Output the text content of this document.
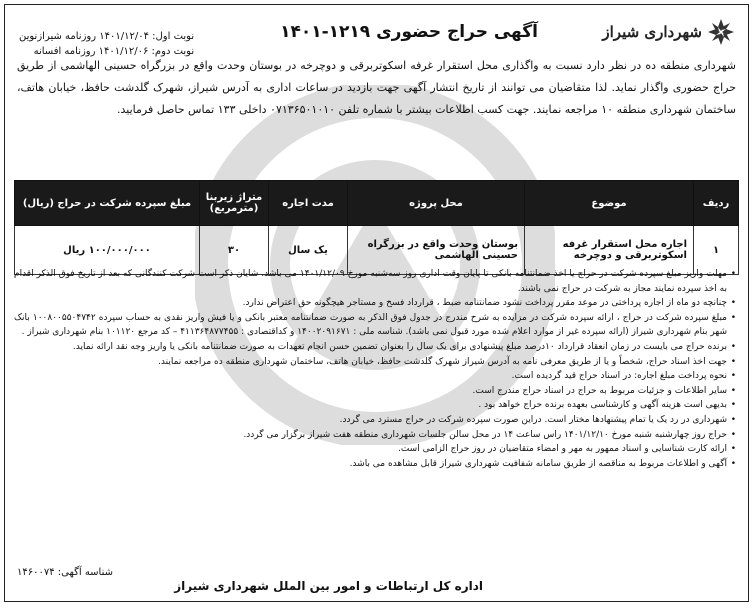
شهرداری شیراز
آگهی حراج حضوری ۱۲۱۹-۱۴۰۱
نوبت اول: ۱۴۰۱/۱۲/۰۴ روزنامه شیرازنوین
نوبت دوم: ۱۴۰۱/۱۲/۰۶ روزنامه افسانه
شهرداری منطقه ده در نظر دارد نسبت به واگذاری محل استقرار غرفه اسکوتربرقی و دوچرخه در بوستان وحدت واقع در بزرگراه حسینی الهاشمی از طریق حراج حضوری واگذار نماید. لذا متقاضیان می توانند از تاریخ انتشار آگهی جهت بازدید در ساعات اداری به آدرس شیراز، شهرک گلدشت حافظ، خیابان هاتف، ساختمان شهرداری منطقه ۱۰ مراجعه نمایند. جهت کسب اطلاعات بیشتر با شماره تلفن ۰۷۱۳۶۵۰۱۰۱۰ داخلی ۱۳۳ تماس حاصل فرمایید.
ردیف	موضوع	محل پروژه	مدت اجاره	متراژ زیربنا (مترمربع)	مبلغ سپرده شرکت در حراج (ریال)
۱	اجاره محل استقرار غرفه اسکوتربرقی و دوچرخه	بوستان وحدت واقع در بزرگراه حسینی الهاشمی	یک سال	۳۰	۱۰۰/۰۰۰/۰۰۰ ریال
• مهلت واریز مبلغ سپرده شرکت در حراج یا اخذ ضمانتنامه بانکی تا پایان وقت اداری روز سه‌شنبه مورخ ۱۴۰۱/۱۲/۰۹ می باشد. شایان ذکر است شرکت کنندگانی که بعد از تاریخ فوق الذکر اقدام به اخذ سپرده نمایند مجاز به شرکت در حراج نمی باشند.
• چنانچه دو ماه از اجاره پرداختی در موعد مقرر پرداخت نشود ضمانتنامه ضبط ، قرارداد فسخ و مستاجر هیچگونه حق اعتراض ندارد.
• مبلغ سپرده شرکت در حراج ، ارائه سپرده شرکت در مزایده به شرح مندرج در جدول فوق الذکر به صورت ضمانتنامه معتبر بانکی و یا فیش واریز نقدی به حساب سپرده ۱۰۰۸۰۰۵۵۰۴۷۴۲ بانک شهر بنام شهرداری شیراز (ارائه سپرده غیر از موارد اعلام شده مورد قبول نمی باشد). شناسه ملی : ۱۴۰۰۲۰۹۱۶۷۱ و کداقتصادی : ۴۱۱۳۶۴۸۷۷۴۵۵ – کد مرجع ۱۰۱۱۲۰ بنام شهرداری شیراز .
• برنده حراج می بایست در زمان انعقاد قرارداد ۱۰درصد مبلغ پیشنهادی برای یک سال را بعنوان تضمین حسن انجام تعهدات به صورت ضمانتنامه بانکی یا واریز وجه نقد ارائه نماید.
• جهت اخذ اسناد حراج، شخصاً و یا از طریق معرفی نامه به آدرس شیراز شهرک گلدشت حافظ، خیابان هاتف، ساختمان شهرداری منطقه ده مراجعه نمایند.
• نحوه پرداخت مبلغ اجاره: در اسناد حراج قید گردیده است.
• سایر اطلاعات و جزئیات مربوط به حراج در اسناد حراج مندرج است.
• بدیهی است هزینه آگهی و کارشناسی بعهده برنده حراج خواهد بود .
• شهرداری در رد یک یا تمام پیشنهادها مختار است. دراین صورت سپرده شرکت در حراج مسترد می گردد.
• حراج روز چهارشنبه شنبه مورخ ۱۴۰۱/۱۲/۱۰ راس ساعت ۱۴ در محل سالن جلسات شهرداری منطقه هفت شیراز برگزار می گردد.
• ارائه کارت شناسایی و اسناد ممهور به مهر و امضاء متقاضیان در روز حراج الزامی است.
• آگهی و اطلاعات مربوط به مناقصه از طریق سامانه شفافیت شهرداری شیراز قابل مشاهده می باشد.
شناسه آگهی: ۱۴۶۰۰۷۴
اداره کل ارتباطات و امور بین الملل شهرداری شیراز
